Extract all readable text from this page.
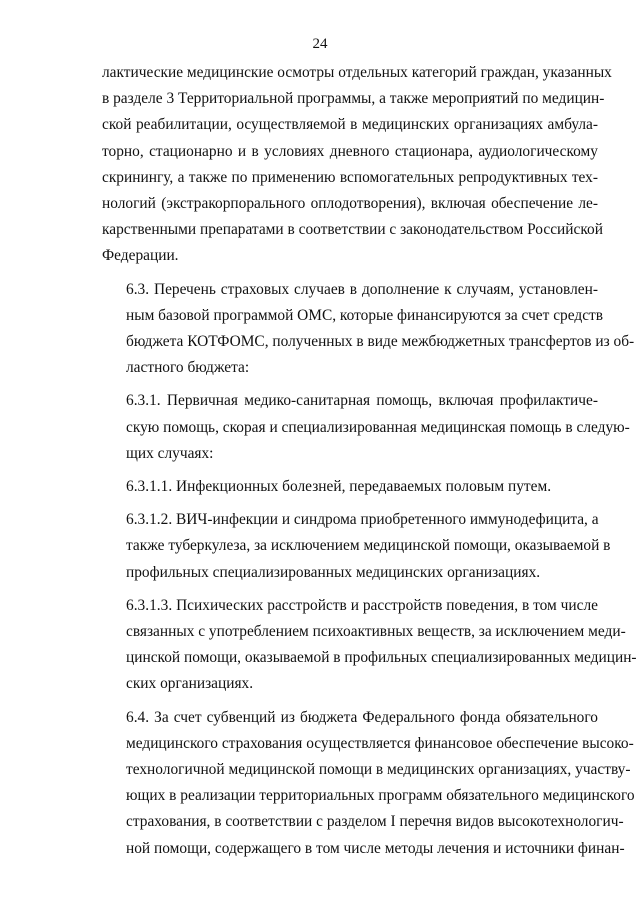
24

лактические медицинские осмотры отдельных категорий граждан, указанных
в разделе 3 Территориальной программы, а также мероприятий по медицин-
ской реабилитации, осуществляемой в медицинских организациях амбула-
торно, стационарно и в условиях дневного стационара, аудиологическому
скринингу, а также по применению вспомогательных репродуктивных тех-
нологий (экстракорпорального оплодотворения), включая обеспечение ле-
карственными препаратами в соответствии с законодательством Российской
Федерации.

6.3. Перечень страховых случаев в дополнение к случаям, установлен-
ным базовой программой ОМС, которые финансируются за счет средств
бюджета КОТФОМС, полученных в виде межбюджетных трансфертов из об-
ластного бюджета:

6.3.1. Первичная медико-санитарная помощь, включая профилактиче-
скую помощь, скорая и специализированная медицинская помощь в следую-
щих случаях:

6.3.1.1. Инфекционных болезней, передаваемых половым путем.

6.3.1.2. ВИЧ-инфекции и синдрома приобретенного иммунодефицита, а
также туберкулеза, за исключением медицинской помощи, оказываемой в
профильных специализированных медицинских организациях.

6.3.1.3. Психических расстройств и расстройств поведения, в том числе
связанных с употреблением психоактивных веществ, за исключением меди-
цинской помощи, оказываемой в профильных специализированных медицин-
ских организациях.

6.4. За счет субвенций из бюджета Федерального фонда обязательного
медицинского страхования осуществляется финансовое обеспечение высоко-
технологичной медицинской помощи в медицинских организациях, участву-
ющих в реализации территориальных программ обязательного медицинского
страхования, в соответствии с разделом I перечня видов высокотехнологич-
ной помощи, содержащего в том числе методы лечения и источники финан-
